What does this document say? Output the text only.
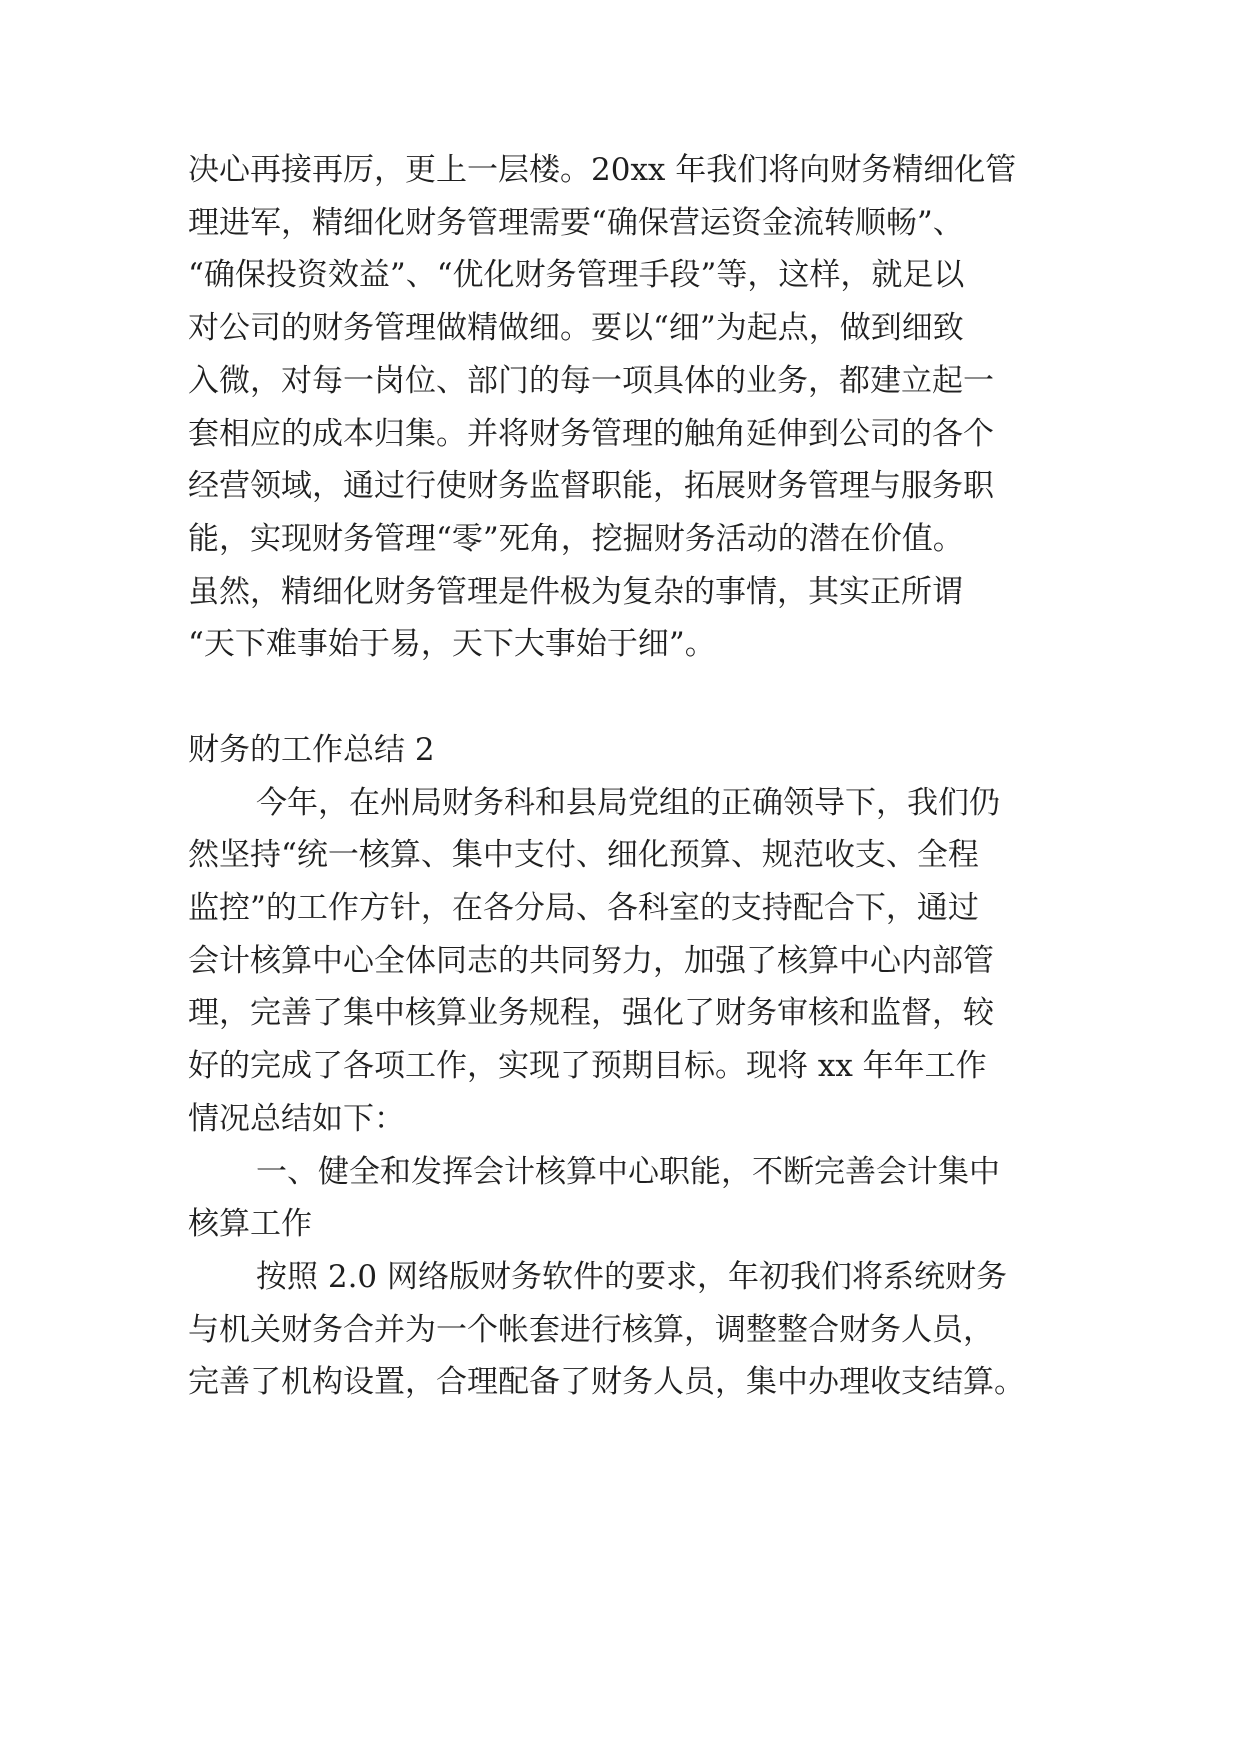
决心再接再厉，更上一层楼。20xx 年我们将向财务精细化管
理进军，精细化财务管理需要“确保营运资金流转顺畅”、
“确保投资效益”、“优化财务管理手段”等，这样，就足以
对公司的财务管理做精做细。要以“细”为起点，做到细致
入微，对每一岗位、部门的每一项具体的业务，都建立起一
套相应的成本归集。并将财务管理的触角延伸到公司的各个
经营领域，通过行使财务监督职能，拓展财务管理与服务职
能，实现财务管理“零”死角，挖掘财务活动的潜在价值。
虽然，精细化财务管理是件极为复杂的事情，其实正所谓
“天下难事始于易，天下大事始于细”。
财务的工作总结 2
今年，在州局财务科和县局党组的正确领导下，我们仍
然坚持“统一核算、集中支付、细化预算、规范收支、全程
监控”的工作方针，在各分局、各科室的支持配合下，通过
会计核算中心全体同志的共同努力，加强了核算中心内部管
理，完善了集中核算业务规程，强化了财务审核和监督，较
好的完成了各项工作，实现了预期目标。现将 xx 年年工作
情况总结如下：
一、健全和发挥会计核算中心职能，不断完善会计集中
核算工作
按照 2.0 网络版财务软件的要求，年初我们将系统财务
与机关财务合并为一个帐套进行核算，调整整合财务人员，
完善了机构设置，合理配备了财务人员，集中办理收支结算。
